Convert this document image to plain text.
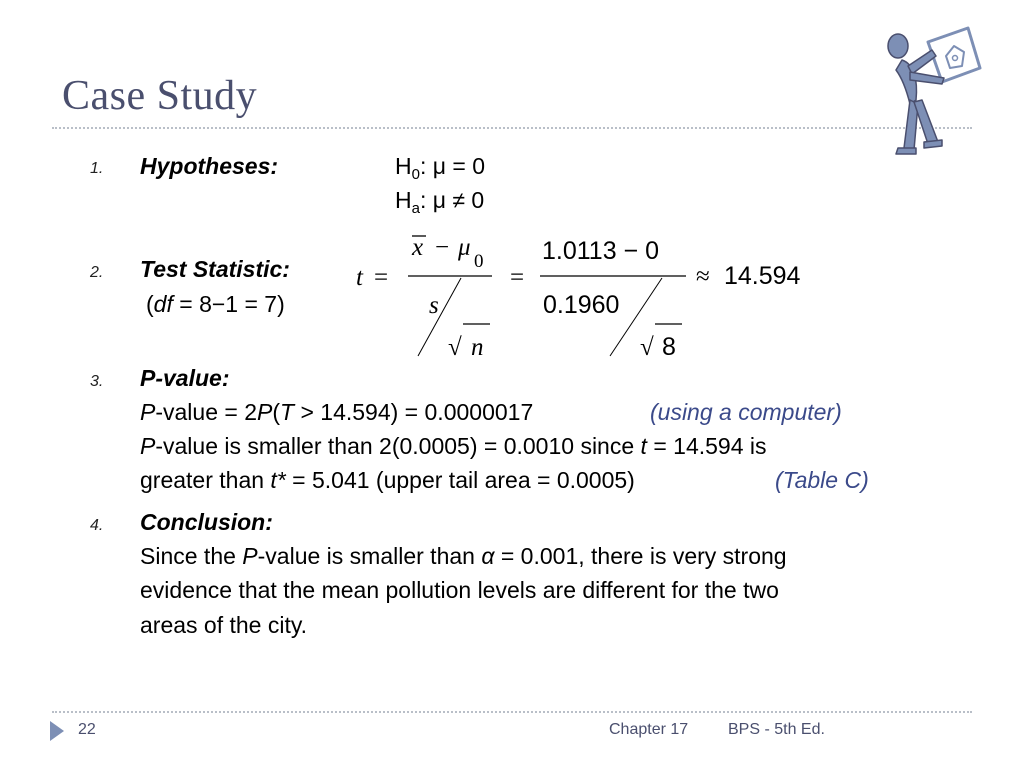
Case Study
1. Hypotheses:	$H_0$: μ = 0
$H_a$: μ ≠ 0
2. Test Statistic:
(df = 8−1 = 7)
t =
x − μ
0
s
√ n
=
1.0113 − 0
0.1960
√ 8
≈ 14.594
3. P-value:
P-value = 2P(T > 14.594) = 0.0000017	(using a computer)
P-value is smaller than 2(0.0005) = 0.0010 since t = 14.594 is
greater than t* = 5.041 (upper tail area = 0.0005)	(Table C)
4. Conclusion:
Since the P-value is smaller than α = 0.001, there is very strong
evidence that the mean pollution levels are different for the two
areas of the city.
22	Chapter 17 BPS - 5th Ed.
